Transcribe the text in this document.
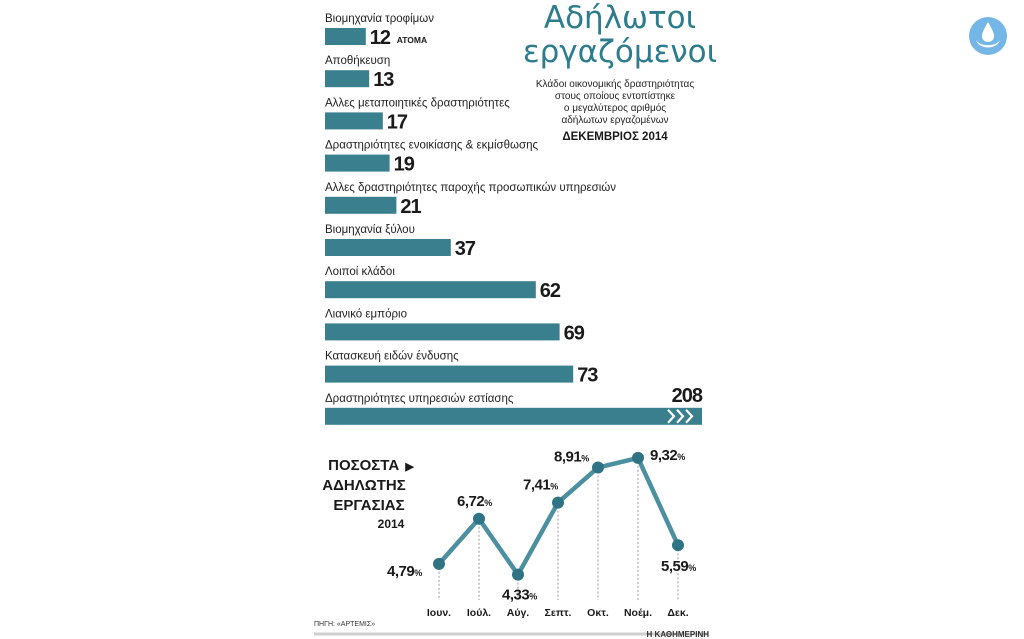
Αδήλωτοι εργαζόμενοι
Κλάδοι οικονομικής δραστηριότητας
στους οποίους εντοπίστηκε
ο μεγαλύτερος αριθμός
αδήλωτων εργαζομένων
ΔΕΚΕΜΒΡΙΟΣ 2014
Βιομηχανία τροφίμων
12 ΑΤΟΜΑ
Αποθήκευση
13
Αλλες μεταποιητικές δραστηριότητες
17
Δραστηριότητες ενοικίασης & εκμίσθωσης
19
Αλλες δραστηριότητες παροχής προσωπικών υπηρεσιών
21
Βιομηχανία ξύλου
37
Λοιποί κλάδοι
62
Λιανικό εμπόριο
69
Κατασκευή ειδών ένδυσης
73
Δραστηριότητες υπηρεσιών εστίασης	208
ΠΟΣΟΣΤΑ ▶
ΑΔΗΛΩΤΗΣ
ΕΡΓΑΣΙΑΣ
2014
4,79%
6,72%
4,33%
7,41%
8,91%	9,32%
5,59%
Ιουν. Ιούλ. Αύγ. Σεπτ. Οκτ. Νοέμ. Δεκ.
ΠΗΓΗ: «ΑΡΤΕΜΙΣ»
Η ΚΑΘΗΜΕΡΙΝΗ
